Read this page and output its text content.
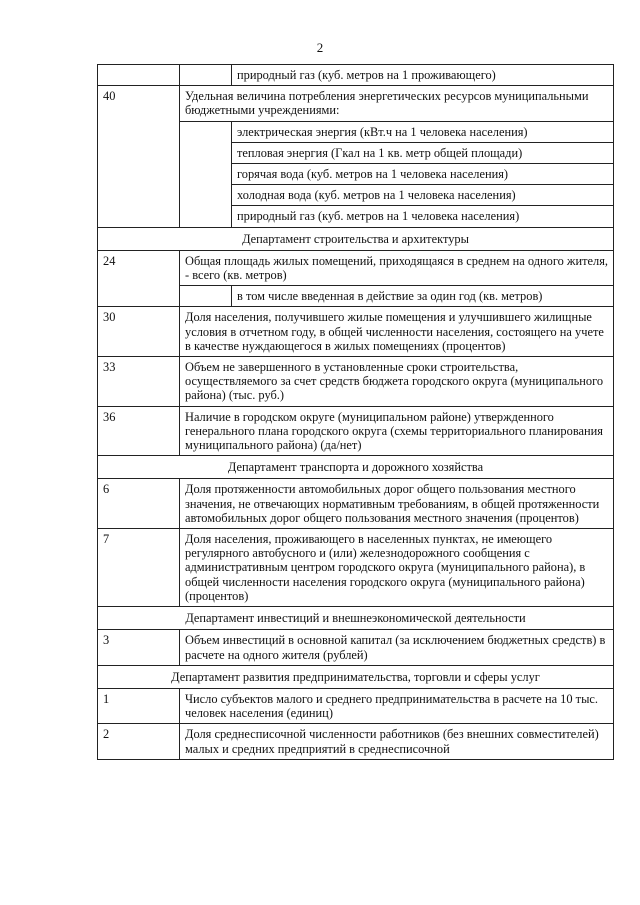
2
		природный газ (куб. метров на 1 проживающего)
40	Удельная величина потребления энергетических ресурсов муниципальными бюджетными учреждениями:	
		электрическая энергия (кВт.ч на 1 человека населения)
		тепловая энергия (Гкал на 1 кв. метр общей площади)
		горячая вода (куб. метров на 1 человека населения)
		холодная вода (куб. метров на 1 человека населения)
		природный газ (куб. метров на 1 человека населения)
Департамент строительства и архитектуры		
24	Общая площадь жилых помещений, приходящаяся в среднем на одного жителя, - всего (кв. метров)	
		в том числе введенная в действие за один год (кв. метров)
30	Доля населения, получившего жилые помещения и улучшившего жилищные условия в отчетном году, в общей численности населения, состоящего на учете в качестве нуждающегося в жилых помещениях (процентов)	
33	Объем не завершенного в установленные сроки строительства, осуществляемого за счет средств бюджета городского округа (муниципального района) (тыс. руб.)	
36	Наличие в городском округе (муниципальном районе) утвержденного генерального плана городского округа (схемы территориального планирования муниципального района) (да/нет)	
Департамент транспорта и дорожного хозяйства		
6	Доля протяженности автомобильных дорог общего пользования местного значения, не отвечающих нормативным требованиям, в общей протяженности автомобильных дорог общего пользования местного значения (процентов)	
7	Доля населения, проживающего в населенных пунктах, не имеющего регулярного автобусного и (или) железнодорожного сообщения с административным центром городского округа (муниципального района), в общей численности населения городского округа (муниципального района) (процентов)	
Департамент инвестиций и внешнеэкономической деятельности		
3	Объем инвестиций в основной капитал (за исключением бюджетных средств) в расчете на одного жителя (рублей)	
Департамент развития предпринимательства, торговли и сферы услуг		
1	Число субъектов малого и среднего предпринимательства в расчете на 10 тыс. человек населения (единиц)	
2	Доля среднесписочной численности работников (без внешних совместителей) малых и средних предприятий в среднесписочной	
